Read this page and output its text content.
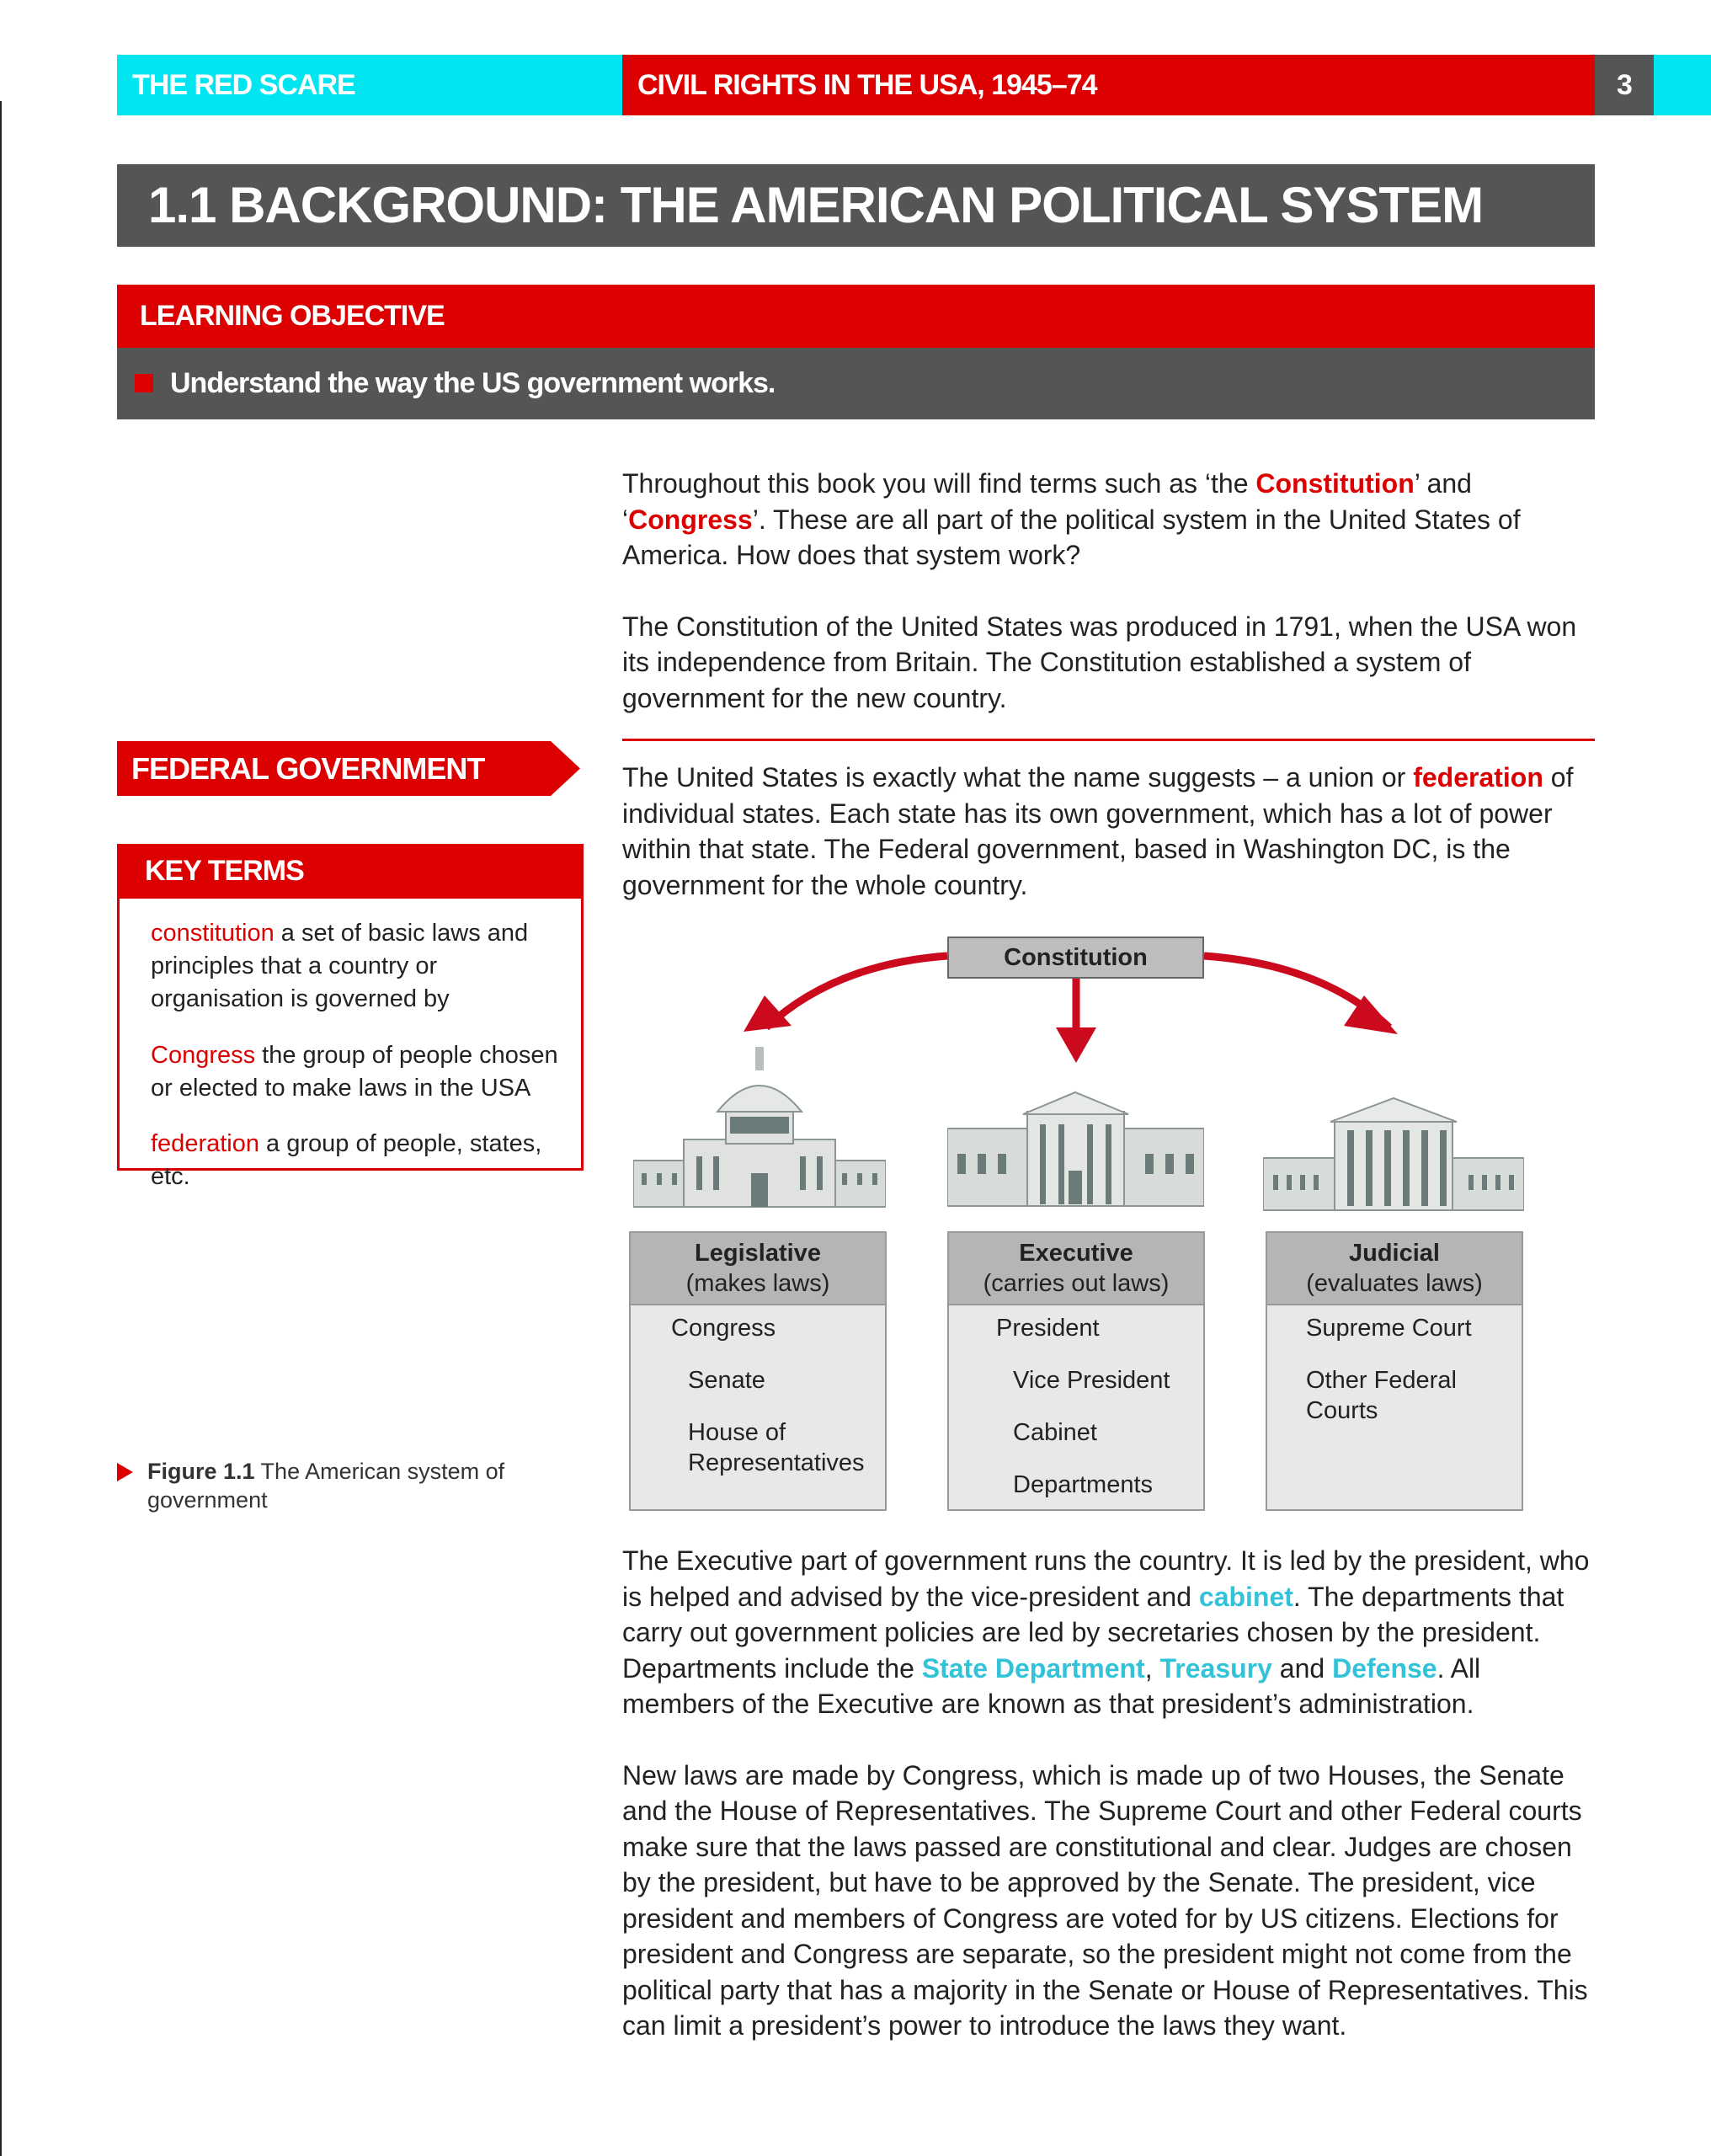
THE RED SCARE	CIVIL RIGHTS IN THE USA, 1945–74	3
1.1 BACKGROUND: THE AMERICAN POLITICAL SYSTEM
LEARNING OBJECTIVE
Understand the way the US government works.

Throughout this book you will find terms such as ‘the Constitution’ and ‘Congress’. These are all part of the political system in the United States of America. How does that system work?

The Constitution of the United States was produced in 1791, when the USA won its independence from Britain. The Constitution established a system of government for the new country.

FEDERAL GOVERNMENT	The United States is exactly what the name suggests – a union or federation of individual states. Each state has its own government, which has a lot of power within that state. The Federal government, based in Washington DC, is the government for the whole country.

KEY TERMS
constitution a set of basic laws and principles that a country or organisation is governed by
Congress the group of people chosen or elected to make laws in the USA
federation a group of people, states, etc.
Constitution
Legislative
(makes laws)
Congress
Senate
House of Representatives
Executive
(carries out laws)
President
Vice President
Cabinet
Departments
Judicial
(evaluates laws)
Supreme Court
Other Federal Courts
Figure 1.1 The American system of government

The Executive part of government runs the country. It is led by the president, who is helped and advised by the vice-president and cabinet. The departments that carry out government policies are led by secretaries chosen by the president. Departments include the State Department, Treasury and Defense. All members of the Executive are known as that president’s administration.

New laws are made by Congress, which is made up of two Houses, the Senate and the House of Representatives. The Supreme Court and other Federal courts make sure that the laws passed are constitutional and clear. Judges are chosen by the president, but have to be approved by the Senate. The president, vice president and members of Congress are voted for by US citizens. Elections for president and Congress are separate, so the president might not come from the political party that has a majority in the Senate or House of Representatives. This can limit a president’s power to introduce the laws they want.
